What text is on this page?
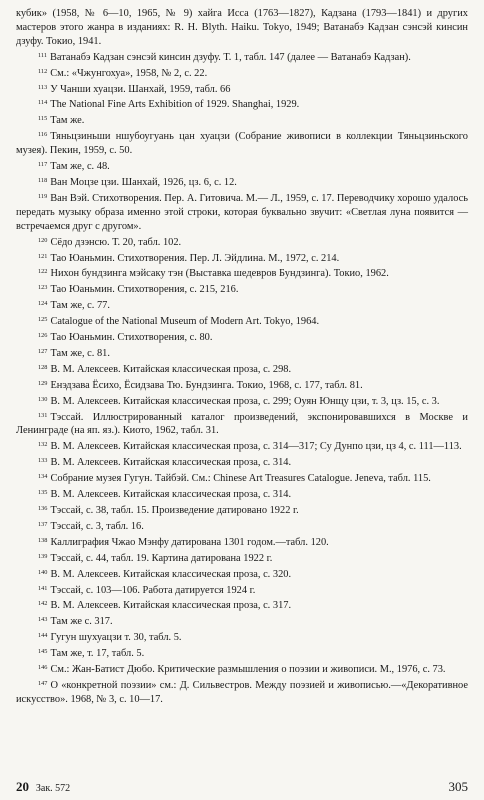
кубик» (1958, № 6—10, 1965, № 9) хайга Исса (1763—1827), Кадзана (1793—1841) и других мастеров этого жанра в изданиях: R. H. Blyth. Haiku. Tokyo, 1949; Ватанабэ Кадзан сэнсэй кинсин дзуфу. Токио, 1941.

$^{111}$ Ватанабэ Кадзан сэнсэй кинсин дзуфу. Т. 1, табл. 147 (далее — Ватанабэ Кадзан).

$^{112}$ См.: «Чжунгохуа», 1958, № 2, с. 22.

$^{113}$ У Чанши хуацзи. Шанхай, 1959, табл. 66

$^{114}$ The National Fine Arts Exhibition of 1929. Shanghai, 1929.

$^{115}$ Там же.

$^{116}$ Тяньцзиньши ншубоугуань цан хуацзи (Собрание живописи в коллекции Тяньцзиньского музея). Пекин, 1959, с. 50.

$^{117}$ Там же, с. 48.

$^{118}$ Ван Моцзе цзи. Шанхай, 1926, цз. 6, с. 12.

$^{119}$ Ван Вэй. Стихотворения. Пер. А. Гитовича. М.— Л., 1959, с. 17. Переводчику хорошо удалось передать музыку образа именно этой строки, которая буквально звучит: «Светлая луна появится — встречаемся друг с другом».

$^{120}$ Сёдо дзэнсю. Т. 20, табл. 102.

$^{121}$ Тао Юаньмин. Стихотворения. Пер. Л. Эйдлина. М., 1972, с. 214.

$^{122}$ Нихон бундзинга мэйсаку тэн (Выставка шедевров Бундзинга). Токио, 1962.

$^{123}$ Тао Юаньмин. Стихотворения, с. 215, 216.

$^{124}$ Там же, с. 77.

$^{125}$ Catalogue of the National Museum of Modern Art. Tokyo, 1964.

$^{126}$ Тао Юаньмин. Стихотворения, с. 80.

$^{127}$ Там же, с. 81.

$^{128}$ В. М. Алексеев. Китайская классическая проза, с. 298.

$^{129}$ Енэдзава Ёсихо, Ёсидзава Тю. Бундзинга. Токио, 1968, с. 177, табл. 81.

$^{130}$ В. М. Алексеев. Китайская классическая проза, с. 299; Оуян Юнщу цзи, т. 3, цз. 15, с. 3.

$^{131}$ Тэссай. Иллюстрированный каталог произведений, экспонировавшихся в Москве и Ленинграде (на яп. яз.). Киото, 1962, табл. 31.

$^{132}$ В. М. Алексеев. Китайская классическая проза, с. 314—317; Су Дунпо цзи, цз 4, с. 111—113.

$^{133}$ В. М. Алексеев. Китайская классическая проза, с. 314.

$^{134}$ Собрание музея Гугун. Тайбэй. См.: Chinese Art Treasures Catalogue. Jeneva, табл. 115.

$^{135}$ В. М. Алексеев. Китайская классическая проза, с. 314.

$^{136}$ Тэссай, с. 38, табл. 15. Произведение датировано 1922 г.

$^{137}$ Тэссай, с. 3, табл. 16.

$^{138}$ Каллиграфия Чжао Мэнфу датирована 1301 годом.—табл. 120.

$^{139}$ Тэссай, с. 44, табл. 19. Картина датирована 1922 г.

$^{140}$ В. М. Алексеев. Китайская классическая проза, с. 320.

$^{141}$ Тэссай, с. 103—106. Работа датируется 1924 г.

$^{142}$ В. М. Алексеев. Китайская классическая проза, с. 317.

$^{143}$ Там же с. 317.

$^{144}$ Гугун шухуацзи т. 30, табл. 5.

$^{145}$ Там же, т. 17, табл. 5.

$^{146}$ См.: Жан-Батист Дюбо. Критические размышления о поэзии и живописи. М., 1976, с. 73.

$^{147}$ О «конкретной поэзии» см.: Д. Сильвестров. Между поэзией и живописью.—«Декоративное искусство». 1968, № 3, с. 10—17.

20 Зак. 572	305
